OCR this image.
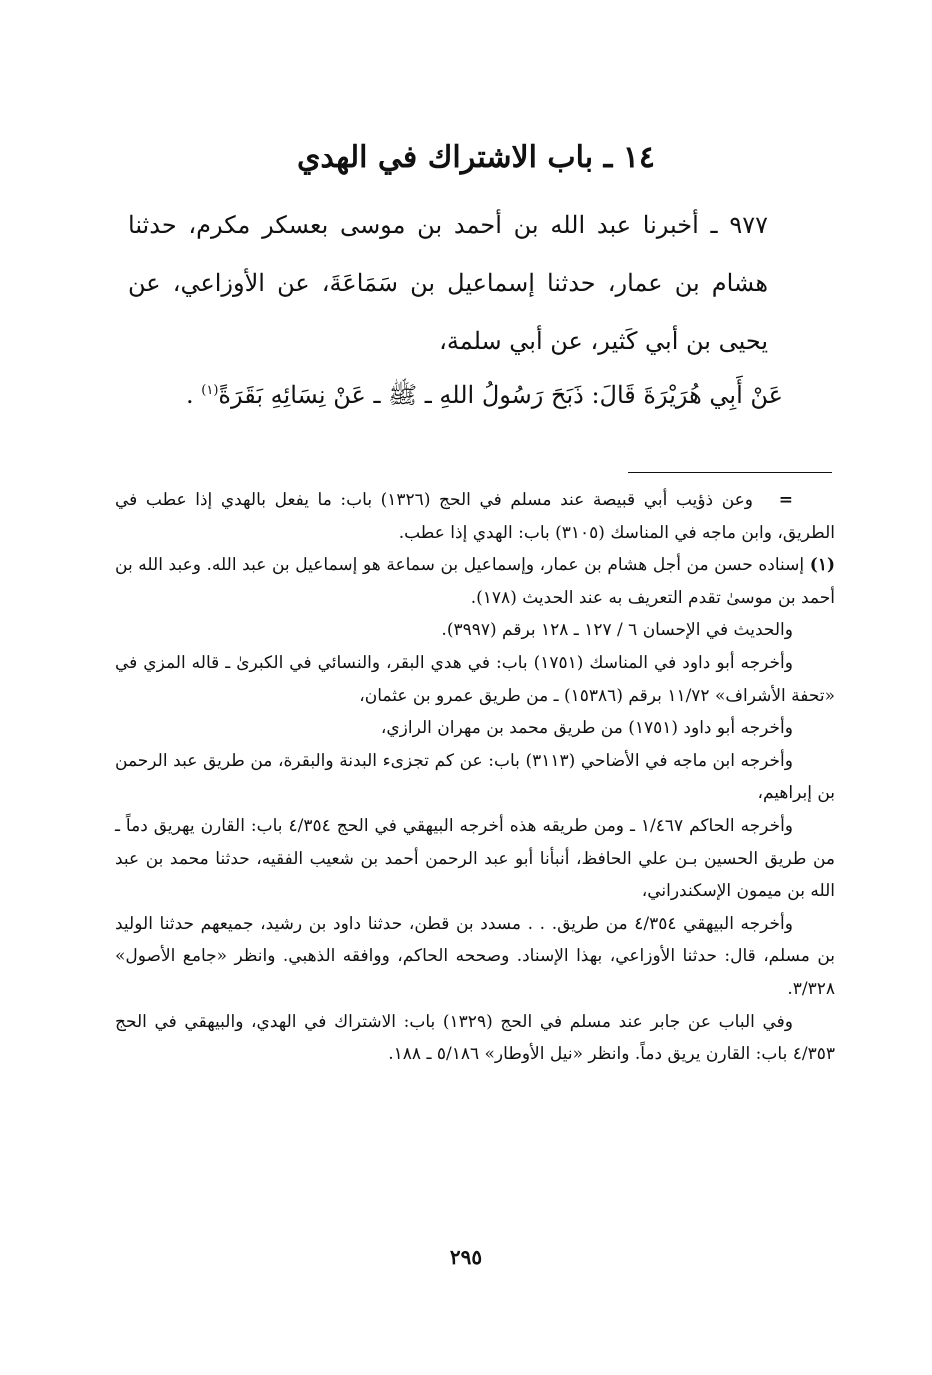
١٤ ـ باب الاشتراك في الهدي

٩٧٧ ـ أخبرنا عبد الله بن أحمد بن موسى بعسكر مكرم، حدثنا هشام بن عمار، حدثنا إسماعيل بن سَمَاعَةَ، عن الأوزاعي، عن يحيى بن أبي كَثير، عن أبي سلمة،

عَنْ أَبِي هُرَيْرَةَ قَالَ: ذَبَحَ رَسُولُ اللهِ ـ ﷺ ـ عَنْ نِسَائِهِ بَقَرَةً$^{(١)}$ .

=   وعن ذؤيب أبي قبيصة عند مسلم في الحج (١٣٢٦) باب: ما يفعل بالهدي إذا عطب في الطريق، وابن ماجه في المناسك (٣١٠٥) باب: الهدي إذا عطب.

(١) إسناده حسن من أجل هشام بن عمار، وإسماعيل بن سماعة هو إسماعيل بن عبد الله. وعبد الله بن أحمد بن موسىٰ تقدم التعريف به عند الحديث (١٧٨).

والحديث في الإحسان ٦ / ١٢٧ ـ ١٢٨ برقم (٣٩٩٧).

وأخرجه أبو داود في المناسك (١٧٥١) باب: في هدي البقر، والنسائي في الكبرىٰ ـ قاله المزي في «تحفة الأشراف» ١١/٧٢ برقم (١٥٣٨٦) ـ من طريق عمرو بن عثمان،

وأخرجه أبو داود (١٧٥١) من طريق محمد بن مهران الرازي،

وأخرجه ابن ماجه في الأضاحي (٣١١٣) باب: عن كم تجزىء البدنة والبقرة، من طريق عبد الرحمن بن إبراهيم،

وأخرجه الحاكم ١/٤٦٧ ـ ومن طريقه هذه أخرجه البيهقي في الحج ٤/٣٥٤ باب: القارن يهريق دماً ـ من طريق الحسين بـن علي الحافظ، أنبأنا أبو عبد الرحمن أحمد بن شعيب الفقيه، حدثنا محمد بن عبد الله بن ميمون الإسكندراني،

وأخرجه البيهقي ٤/٣٥٤ من طريق. . . مسدد بن قطن، حدثنا داود بن رشيد، جميعهم حدثنا الوليد بن مسلم، قال: حدثنا الأوزاعي، بهذا الإسناد. وصححه الحاكم، ووافقه الذهبي. وانظر «جامع الأصول» ٣/٣٢٨.

وفي الباب عن جابر عند مسلم في الحج (١٣٢٩) باب: الاشتراك في الهدي، والبيهقي في الحج ٤/٣٥٣ باب: القارن يريق دماً. وانظر «نيل الأوطار» ٥/١٨٦ ـ ١٨٨.

٢٩٥
